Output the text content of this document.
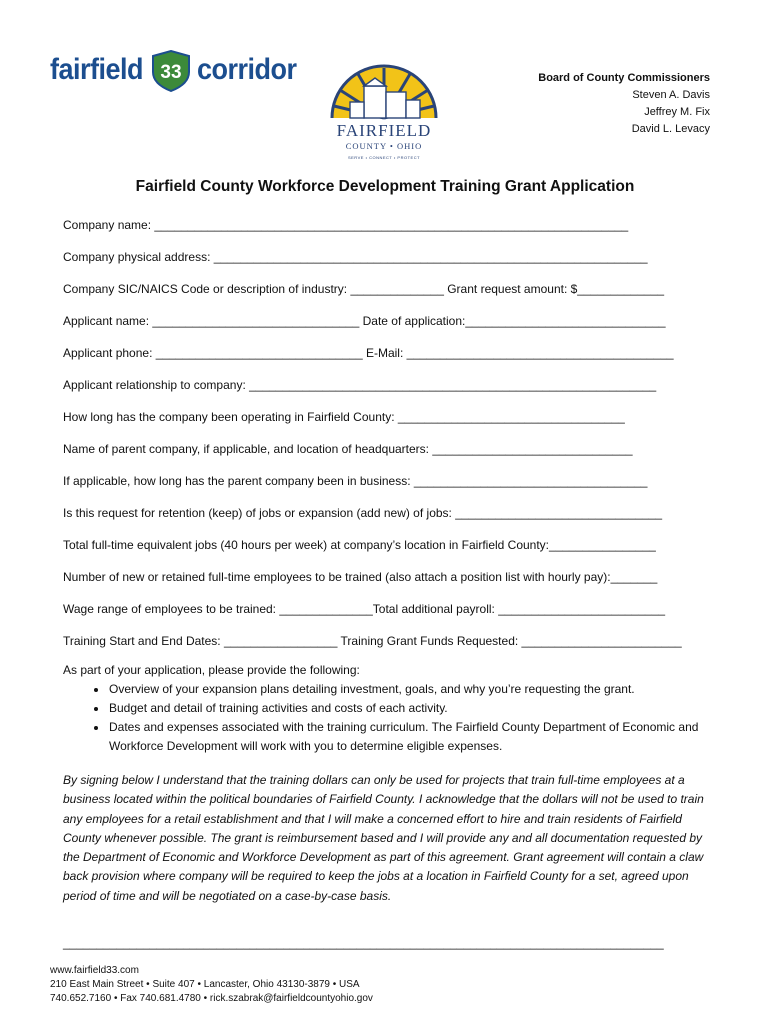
fairfield 33 corridor
FAIRFIELD
COUNTY • OHIO
SERVE • CONNECT • PROTECT
Board of County Commissioners
Steven A. Davis
Jeffrey M. Fix
David L. Levacy
Fairfield County Workforce Development Training Grant Application
Company name: _______________________________________________________________________
Company physical address: _________________________________________________________________
Company SIC/NAICS Code or description of industry: ______________ Grant request amount: $_____________
Applicant name: _______________________________ Date of application:______________________________
Applicant phone: _______________________________ E-Mail: ________________________________________
Applicant relationship to company: _____________________________________________________________
How long has the company been operating in Fairfield County: __________________________________
Name of parent company, if applicable, and location of headquarters: ______________________________
If applicable, how long has the parent company been in business: ___________________________________
Is this request for retention (keep) of jobs or expansion (add new) of jobs: _______________________________
Total full-time equivalent jobs (40 hours per week) at company’s location in Fairfield County:________________
Number of new or retained full-time employees to be trained (also attach a position list with hourly pay):_______
Wage range of employees to be trained: ______________Total additional payroll: _________________________
Training Start and End Dates: _________________ Training Grant Funds Requested: ________________________
As part of your application, please provide the following:
• Overview of your expansion plans detailing investment, goals, and why you’re requesting the grant.
• Budget and detail of training activities and costs of each activity.
• Dates and expenses associated with the training curriculum. The Fairfield County Department of Economic and Workforce Development will work with you to determine eligible expenses.
By signing below I understand that the training dollars can only be used for projects that train full-time employees at a business located within the political boundaries of Fairfield County. I acknowledge that the dollars will not be used to train any employees for a retail establishment and that I will make a concerned effort to hire and train residents of Fairfield County whenever possible. The grant is reimbursement based and I will provide any and all documentation requested by the Department of Economic and Workforce Development as part of this agreement. Grant agreement will contain a claw back provision where company will be required to keep the jobs at a location in Fairfield County for a set, agreed upon period of time and will be negotiated on a case-by-case basis.
__________________________________________________________________________________________
www.fairfield33.com
210 East Main Street • Suite 407 • Lancaster, Ohio 43130-3879 • USA
740.652.7160 • Fax 740.681.4780 • rick.szabrak@fairfieldcountyohio.gov
